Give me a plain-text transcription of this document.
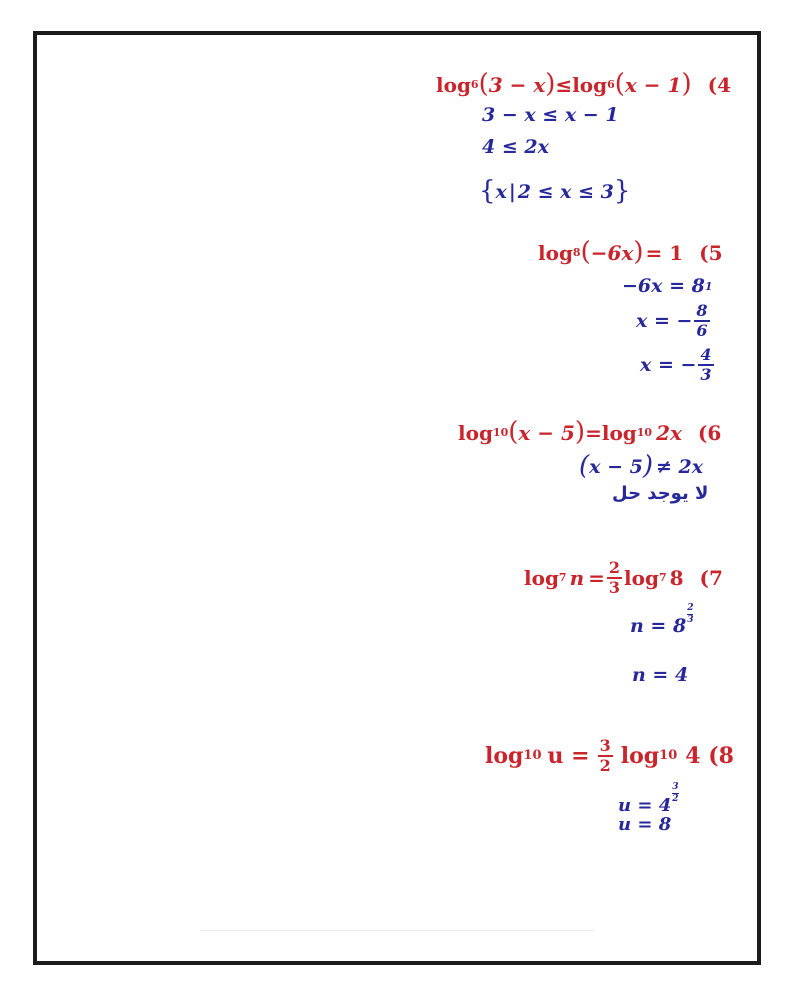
log 6 ( 3 − x ) ≤ log 6 ( x − 1 ) (4
3 − x ≤ x − 1
4 ≤ 2x
{ x | 2 ≤ x ≤ 3 }
log 8 ( −6x ) = 1 (5
−6x = 8 1
x = − $\frac{8}{6}$
x = − $\frac{4}{3}$
log 10 ( x − 5 ) = log 10 2x (6
( x − 5 ) ≠ 2x
لا يوجد حل
log 7 $n = \frac{2}{3}$ log 7 8 (7
n = 8
2
3
n = 4
log 10 $u = \frac{3}{2}$ log 10 4 (8
u = 4
3
2
u = 8
